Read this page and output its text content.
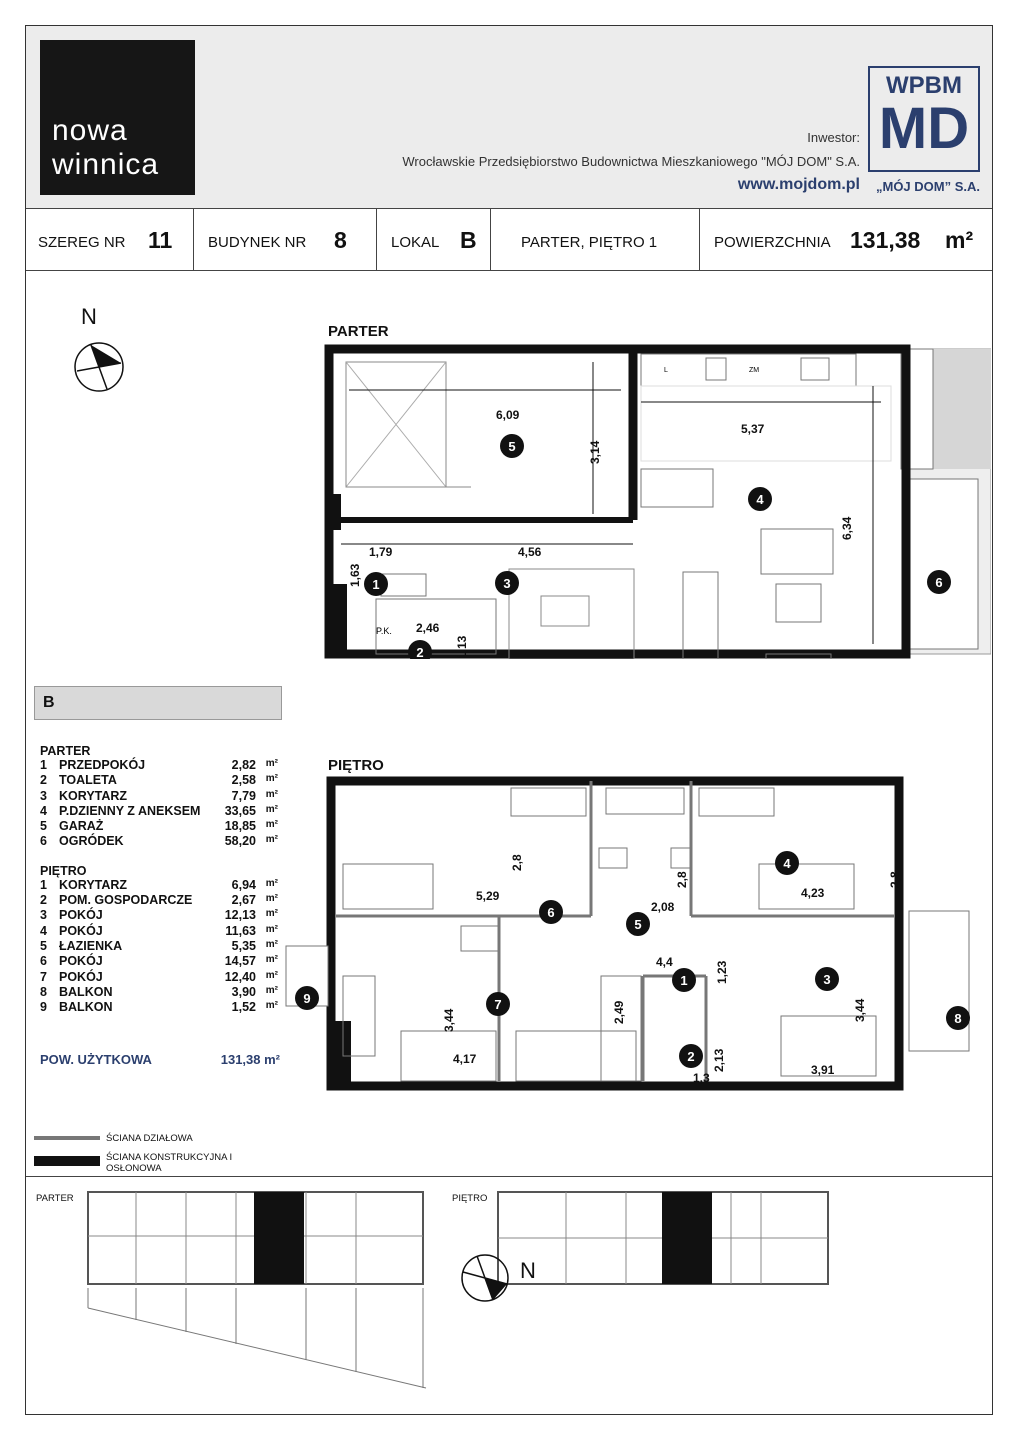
nowa
winnica
Inwestor:
Wrocławskie Przedsiębiorstwo Budownictwa Mieszkaniowego "MÓJ DOM" S.A.
www.mojdom.pl
WPBM
MD
„MÓJ DOM” S.A.
SZEREG NR 11 BUDYNEK NR 8	LOKAL B	PARTER, PIĘTRO 1	POWIERZCHNIA 131,38 m²
N
PARTER
L	ZM
P.K.
6,09
3,14
5,37
6,34
1,79	4,56
1,63
2,46
1,13
1
2
3
4
5
6
B
PARTER
1 PRZEDPOKÓJ	2,82 m²
2 TOALETA	2,58 m²
3 KORYTARZ	7,79 m²
4 P.DZIENNY Z ANEKSEM 33,65 m²
5 GARAŻ	18,85 m²
6 OGRÓDEK	58,20 m²
PIĘTRO
1 KORYTARZ	6,94 m²
2 POM. GOSPODARCZE	2,67 m²
3 POKÓJ	12,13 m²
4 POKÓJ	11,63 m²
5 ŁAZIENKA	5,35 m²
6 POKÓJ	14,57 m²
7 POKÓJ	12,40 m²
8 BALKON	3,90 m²
9 BALKON	1,52 m²
POW. UŻYTKOWA	131,38 m²
PIĘTRO
2,8
5,29
2,8
2,08
4,23
2,8
4,4	1,23
2,49
3,44
4,17	2,13
1,3
3,44
3,91
1
2
3
4
5
6
7
8
9
ŚCIANA DZIAŁOWA
ŚCIANA KONSTRUKCYJNA I OSŁONOWA
PARTER	PIĘTRO
N
